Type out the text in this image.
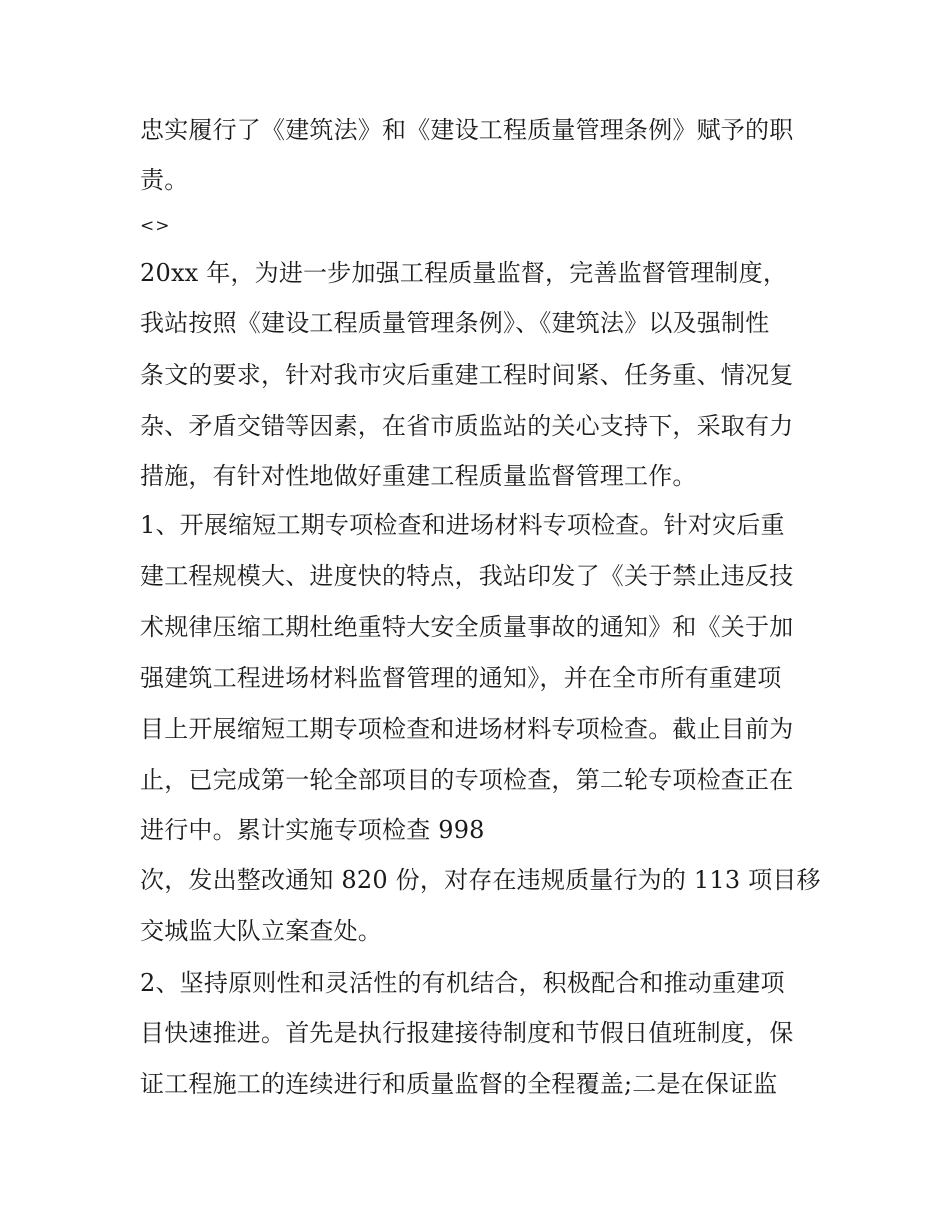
忠实履行了《建筑法》和《建设工程质量管理条例》赋予的职

责。

<>

20xx 年，为进一步加强工程质量监督，完善监督管理制度，

我站按照《建设工程质量管理条例》、《建筑法》以及强制性

条文的要求，针对我市灾后重建工程时间紧、任务重、情况复

杂、矛盾交错等因素，在省市质监站的关心支持下，采取有力

措施，有针对性地做好重建工程质量监督管理工作。

1、开展缩短工期专项检查和进场材料专项检查。针对灾后重

建工程规模大、进度快的特点，我站印发了《关于禁止违反技

术规律压缩工期杜绝重特大安全质量事故的通知》和《关于加

强建筑工程进场材料监督管理的通知》，并在全市所有重建项

目上开展缩短工期专项检查和进场材料专项检查。截止目前为

止，已完成第一轮全部项目的专项检查，第二轮专项检查正在

进行中。累计实施专项检查 998

次，发出整改通知 820 份，对存在违规质量行为的 113 项目移

交城监大队立案查处。

2、坚持原则性和灵活性的有机结合，积极配合和推动重建项

目快速推进。首先是执行报建接待制度和节假日值班制度，保

证工程施工的连续进行和质量监督的全程覆盖;二是在保证监
